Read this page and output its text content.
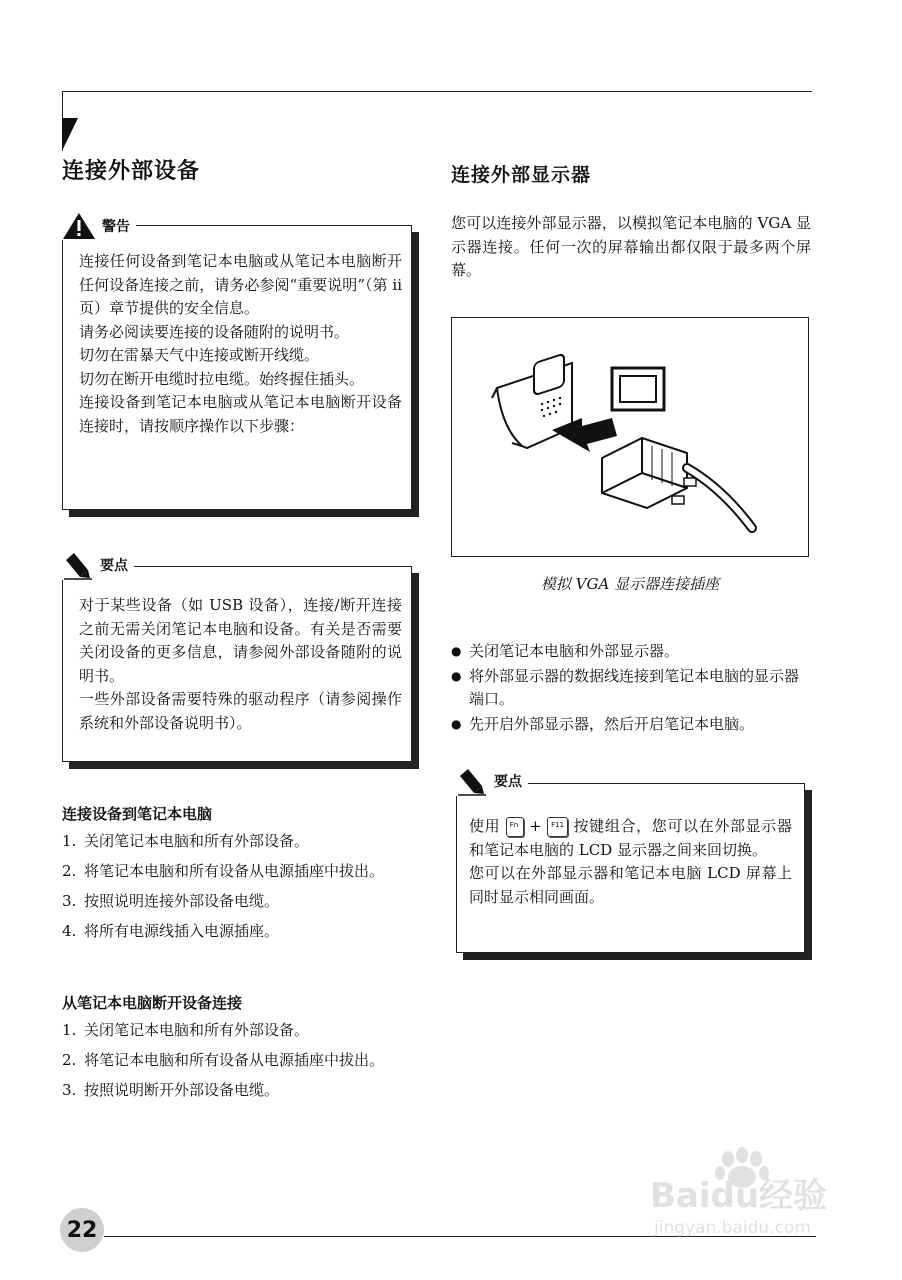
连接外部设备
警告

连接任何设备到笔记本电脑或从笔记本电脑断开任何设备连接之前，请务必参阅“重要说明”（第 ii 页）章节提供的安全信息。

请务必阅读要连接的设备随附的说明书。

切勿在雷暴天气中连接或断开线缆。

切勿在断开电缆时拉电缆。始终握住插头。

连接设备到笔记本电脑或从笔记本电脑断开设备连接时，请按顺序操作以下步骤：

要点

对于某些设备（如 USB 设备），连接/断开连接之前无需关闭笔记本电脑和设备。有关是否需要关闭设备的更多信息，请参阅外部设备随附的说明书。

一些外部设备需要特殊的驱动程序（请参阅操作系统和外部设备说明书）。

连接设备到笔记本电脑
1. 关闭笔记本电脑和所有外部设备。
2. 将笔记本电脑和所有设备从电源插座中拔出。
3. 按照说明连接外部设备电缆。
4. 将所有电源线插入电源插座。
从笔记本电脑断开设备连接
1. 关闭笔记本电脑和所有外部设备。
2. 将笔记本电脑和所有设备从电源插座中拔出。
3. 按照说明断开外部设备电缆。
连接外部显示器
您可以连接外部显示器，以模拟笔记本电脑的 VGA 显示器连接。任何一次的屏幕输出都仅限于最多两个屏幕。
模拟 VGA 显示器连接插座
● 关闭笔记本电脑和外部显示器。
● 将外部显示器的数据线连接到笔记本电脑的显示器端口。
● 先开启外部显示器，然后开启笔记本电脑。
要点

使用 Fn + F11 按键组合，您可以在外部显示器和笔记本电脑的 LCD 显示器之间来回切换。

您可以在外部显示器和笔记本电脑 LCD 屏幕上同时显示相同画面。

22
Baidu经验
jingyan.baidu.com
